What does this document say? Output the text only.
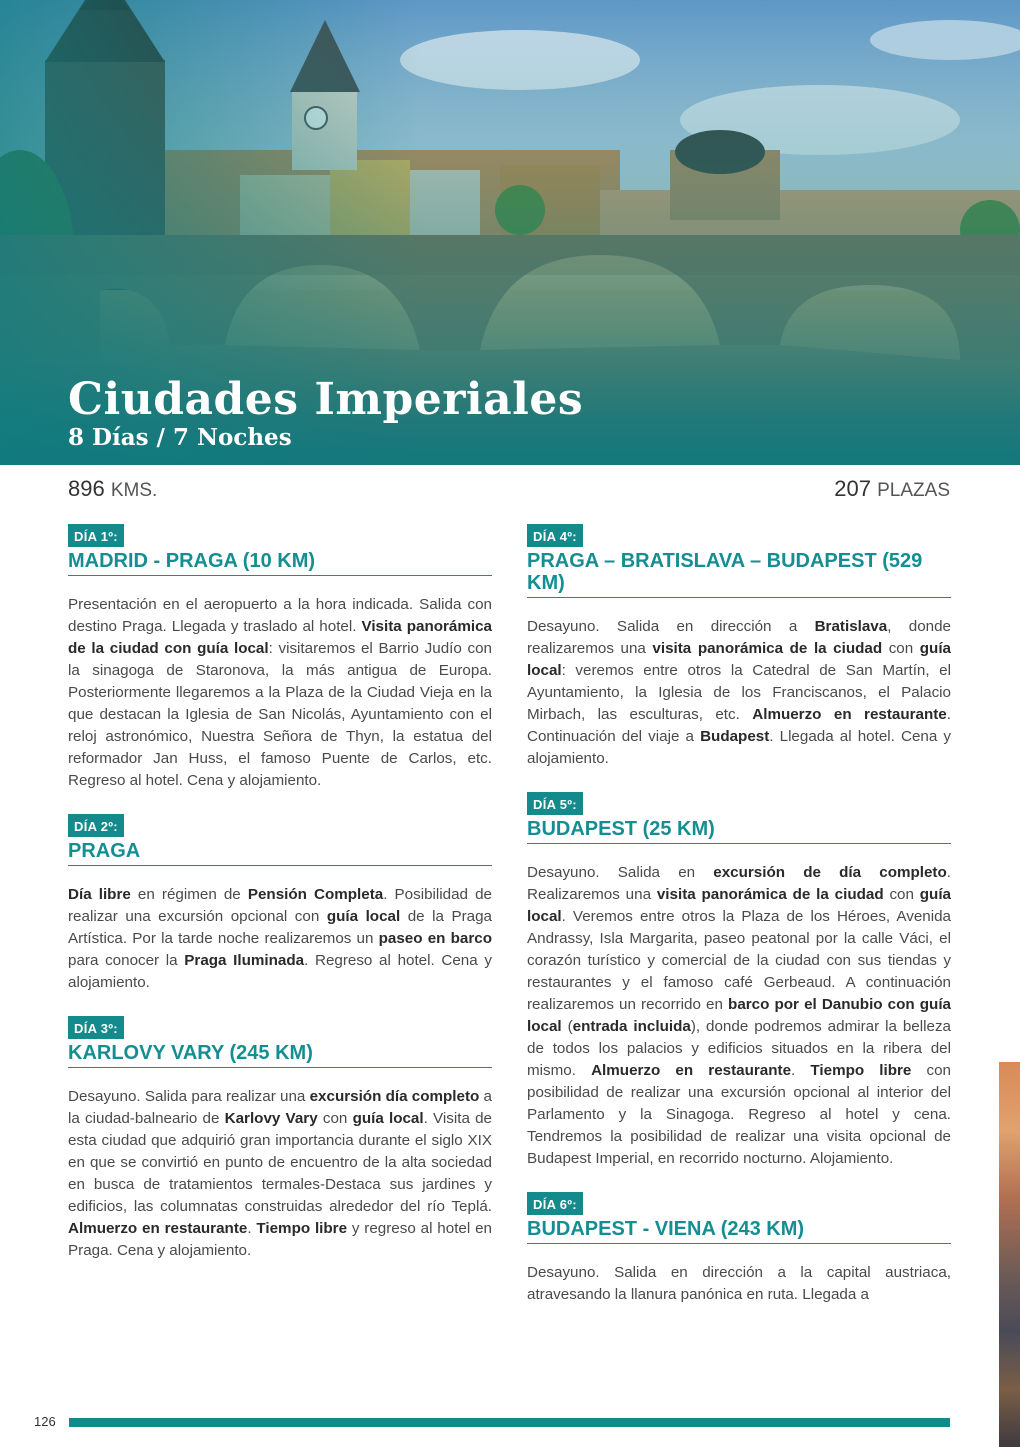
Ciudades Imperiales
8 Días / 7 Noches
896 KMS.	207 PLAZAS
DÍA 1º:
MADRID - PRAGA (10 KM)

Presentación en el aeropuerto a la hora indicada. Salida con destino Praga. Llegada y traslado al hotel. Visita panorámica de la ciudad con guía local: visitaremos el Barrio Judío con la sinagoga de Staronova, la más antigua de Europa. Posteriormente llegaremos a la Plaza de la Ciudad Vieja en la que destacan la Iglesia de San Nicolás, Ayuntamiento con el reloj astronómico, Nuestra Señora de Thyn, la estatua del reformador Jan Huss, el famoso Puente de Carlos, etc. Regreso al hotel. Cena y alojamiento.

DÍA 2º:
PRAGA

Día libre en régimen de Pensión Completa. Posibilidad de realizar una excursión opcional con guía local de la Praga Artística. Por la tarde noche realizaremos un paseo en barco para conocer la Praga Iluminada. Regreso al hotel. Cena y alojamiento.

DÍA 3º:
KARLOVY VARY (245 KM)

Desayuno. Salida para realizar una excursión día completo a la ciudad-balneario de Karlovy Vary con guía local. Visita de esta ciudad que adquirió gran importancia durante el siglo XIX en que se convirtió en punto de encuentro de la alta sociedad en busca de tratamientos termales-Destaca sus jardines y edificios, las columnatas construidas alrededor del río Teplá. Almuerzo en restaurante. Tiempo libre y regreso al hotel en Praga. Cena y alojamiento.

DÍA 4º:
PRAGA – BRATISLAVA – BUDAPEST (529 KM)

Desayuno. Salida en dirección a Bratislava, donde realizaremos una visita panorámica de la ciudad con guía local: veremos entre otros la Catedral de San Martín, el Ayuntamiento, la Iglesia de los Franciscanos, el Palacio Mirbach, las esculturas, etc. Almuerzo en restaurante. Continuación del viaje a Budapest. Llegada al hotel. Cena y alojamiento.

DÍA 5º:
BUDAPEST (25 KM)

Desayuno. Salida en excursión de día completo. Realizaremos una visita panorámica de la ciudad con guía local. Veremos entre otros la Plaza de los Héroes, Avenida Andrassy, Isla Margarita, paseo peatonal por la calle Váci, el corazón turístico y comercial de la ciudad con sus tiendas y restaurantes y el famoso café Gerbeaud. A continuación realizaremos un recorrido en barco por el Danubio con guía local (entrada incluida), donde podremos admirar la belleza de todos los palacios y edificios situados en la ribera del mismo. Almuerzo en restaurante. Tiempo libre con posibilidad de realizar una excursión opcional al interior del Parlamento y la Sinagoga. Regreso al hotel y cena. Tendremos la posibilidad de realizar una visita opcional de Budapest Imperial, en recorrido nocturno. Alojamiento.

DÍA 6º:
BUDAPEST - VIENA (243 KM)

Desayuno. Salida en dirección a la capital austriaca, atravesando la llanura panónica en ruta. Llegada a

126
